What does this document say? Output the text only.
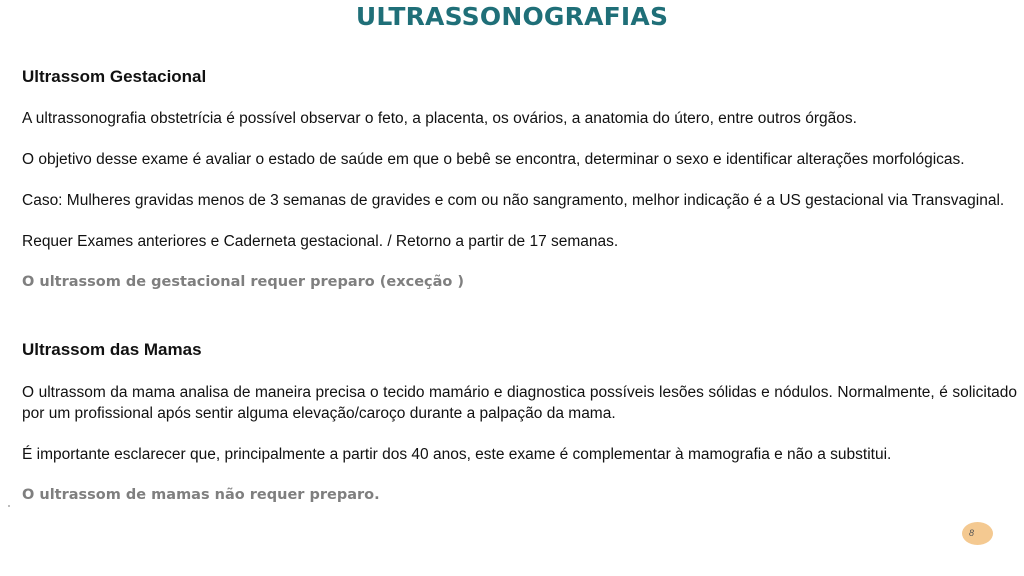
ULTRASSONOGRAFIAS

Ultrassom Gestacional

A ultrassonografia obstetrícia é possível observar o feto, a placenta, os ovários, a anatomia do útero, entre outros órgãos.

O objetivo desse exame é avaliar o estado de saúde em que o bebê se encontra, determinar o sexo e identificar alterações morfológicas.

Caso: Mulheres gravidas menos de 3 semanas de gravides e com ou não sangramento, melhor indicação é a US gestacional via Transvaginal.

Requer Exames anteriores e Caderneta gestacional. / Retorno a partir de 17 semanas.

O ultrassom de gestacional requer preparo (exceção )

Ultrassom das Mamas

O ultrassom da mama analisa de maneira precisa o tecido mamário e diagnostica possíveis lesões sólidas e nódulos. Normalmente, é solicitado por um profissional após sentir alguma elevação/caroço durante a palpação da mama.

É importante esclarecer que, principalmente a partir dos 40 anos, este exame é complementar à mamografia e não a substitui.

O ultrassom de mamas não requer preparo.

8
